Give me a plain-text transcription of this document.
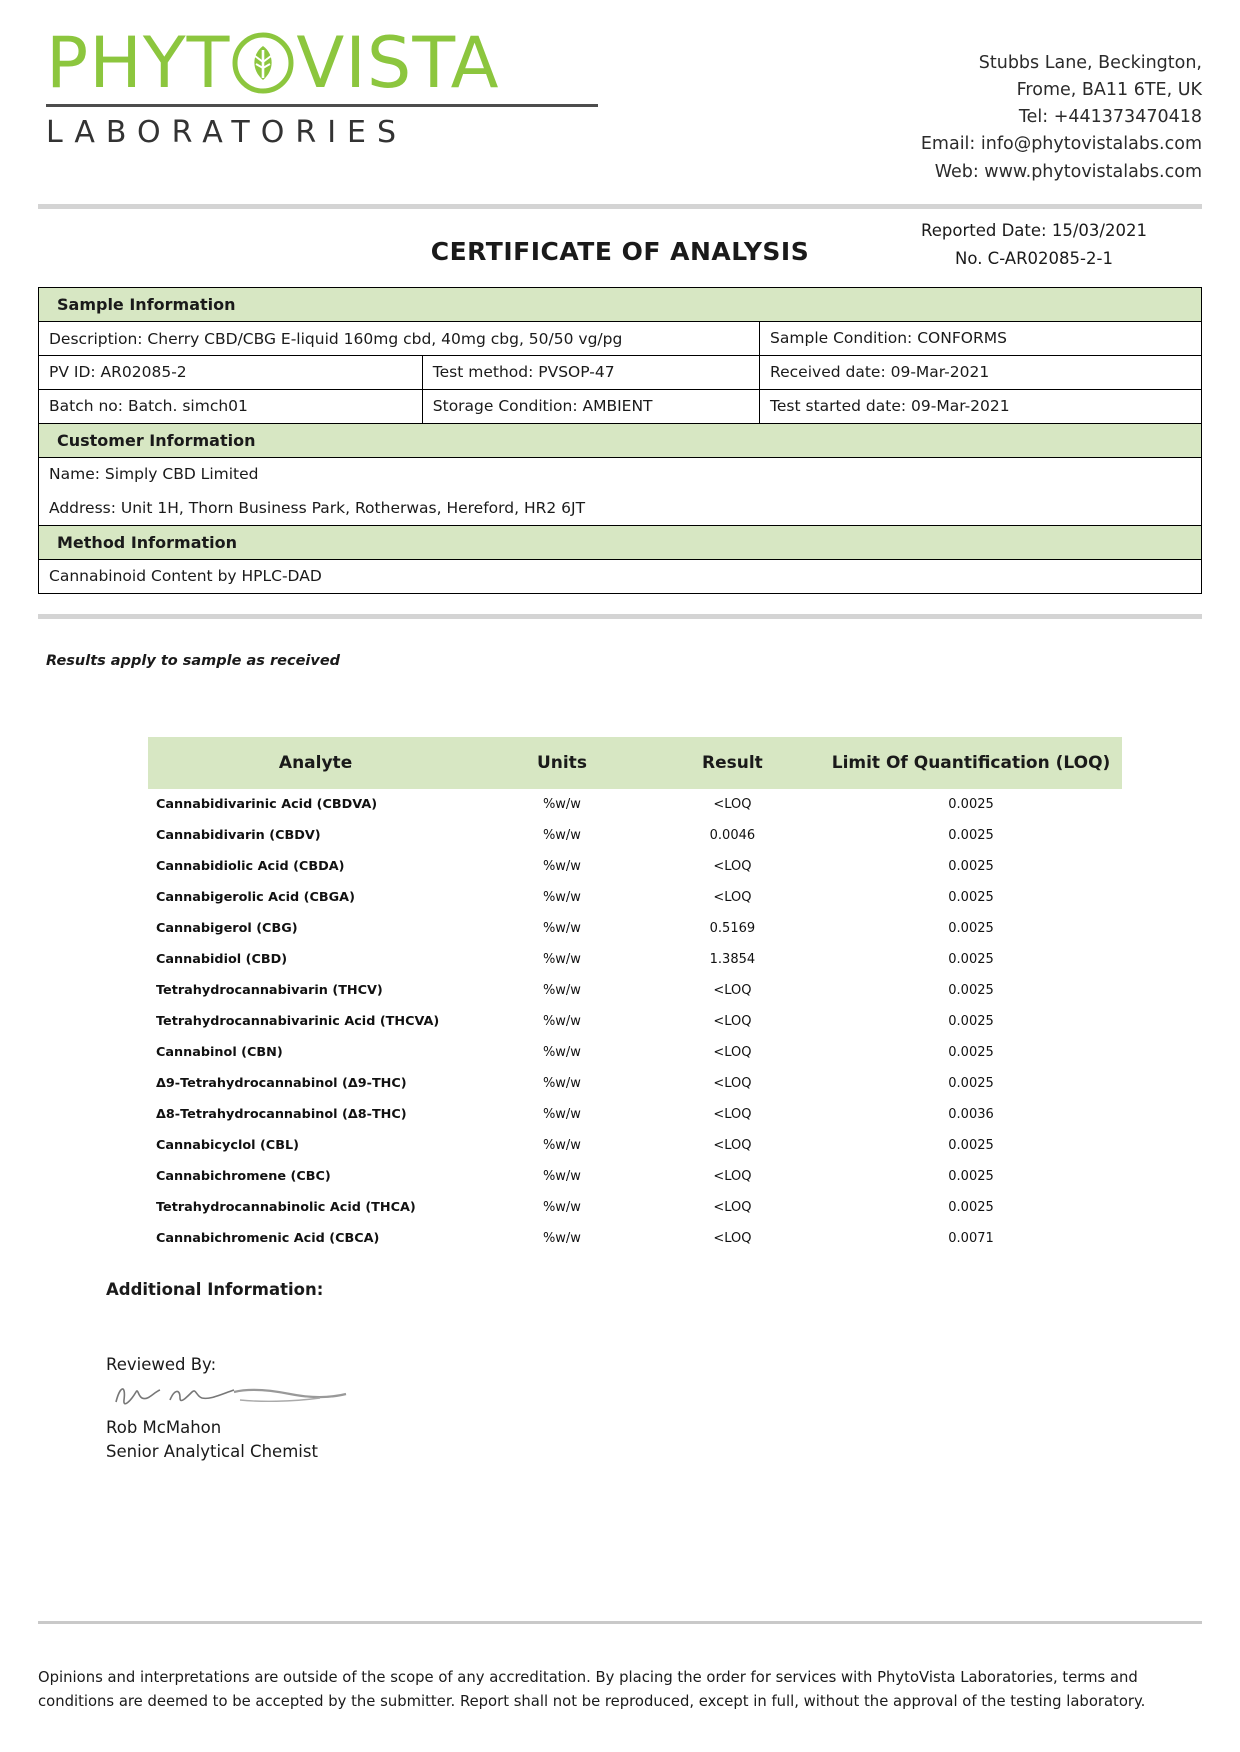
PHYT VISTA
LABORATORIES
Stubbs Lane, Beckington,
Frome, BA11 6TE, UK
Tel: +441373470418
Email: info@phytovistalabs.com
Web: www.phytovistalabs.com
CERTIFICATE OF ANALYSIS
Reported Date: 15/03/2021
No. C-AR02085-2-1
Sample Information		
Description: Cherry CBD/CBG E-liquid 160mg cbd, 40mg cbg, 50/50 vg/pg		Sample Condition: CONFORMS
PV ID: AR02085-2	Test method: PVSOP-47	Received date: 09-Mar-2021
Batch no: Batch. simch01	Storage Condition: AMBIENT	Test started date: 09-Mar-2021
Customer Information		
Name: Simply CBD Limited		
Address: Unit 1H, Thorn Business Park, Rotherwas, Hereford, HR2 6JT		
Method Information		
Cannabinoid Content by HPLC-DAD		
Results apply to sample as received
Analyte	Units	Result	Limit Of Quantification (LOQ)
Cannabidivarinic Acid (CBDVA)	%w/w	<LOQ	0.0025
Cannabidivarin (CBDV)	%w/w	0.0046	0.0025
Cannabidiolic Acid (CBDA)	%w/w	<LOQ	0.0025
Cannabigerolic Acid (CBGA)	%w/w	<LOQ	0.0025
Cannabigerol (CBG)	%w/w	0.5169	0.0025
Cannabidiol (CBD)	%w/w	1.3854	0.0025
Tetrahydrocannabivarin (THCV)	%w/w	<LOQ	0.0025
Tetrahydrocannabivarinic Acid (THCVA)	%w/w	<LOQ	0.0025
Cannabinol (CBN)	%w/w	<LOQ	0.0025
Δ9-Tetrahydrocannabinol (Δ9-THC)	%w/w	<LOQ	0.0025
Δ8-Tetrahydrocannabinol (Δ8-THC)	%w/w	<LOQ	0.0036
Cannabicyclol (CBL)	%w/w	<LOQ	0.0025
Cannabichromene (CBC)	%w/w	<LOQ	0.0025
Tetrahydrocannabinolic Acid (THCA)	%w/w	<LOQ	0.0025
Cannabichromenic Acid (CBCA)	%w/w	<LOQ	0.0071
Additional Information:
Reviewed By:
Rob McMahon
Senior Analytical Chemist
Opinions and interpretations are outside of the scope of any accreditation. By placing the order for services with PhytoVista Laboratories, terms and conditions are deemed to be accepted by the submitter. Report shall not be reproduced, except in full, without the approval of the testing laboratory.
